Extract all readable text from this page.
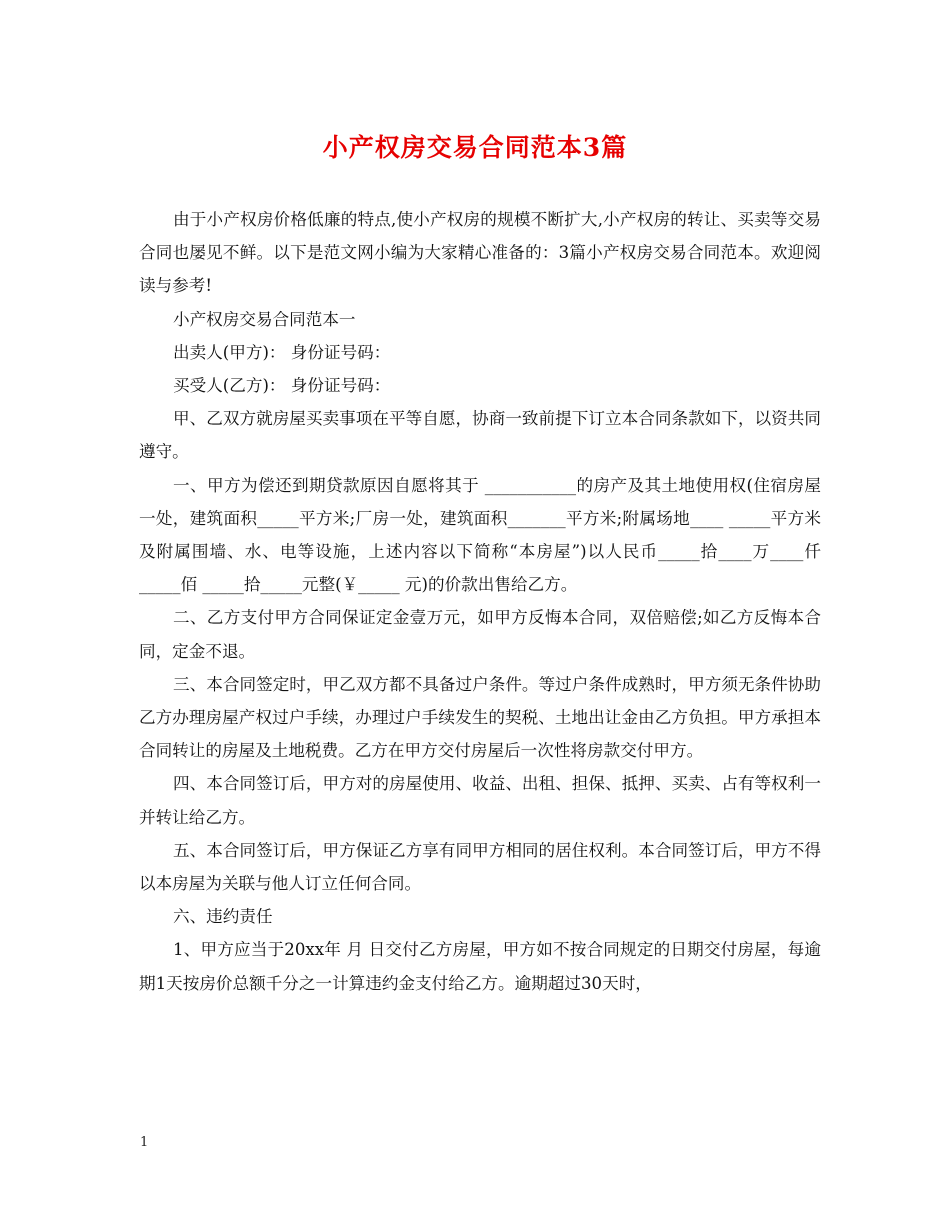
小产权房交易合同范本3篇

由于小产权房价格低廉的特点,使小产权房的规模不断扩大,小产权房的转让、买卖等交易合同也屡见不鲜。以下是范文网小编为大家精心准备的：3篇小产权房交易合同范本。欢迎阅读与参考!

小产权房交易合同范本一

出卖人(甲方)： 身份证号码：

买受人(乙方)： 身份证号码：

甲、乙双方就房屋买卖事项在平等自愿，协商一致前提下订立本合同条款如下，以资共同遵守。

一、甲方为偿还到期贷款原因自愿将其于 ___________的房产及其土地使用权(住宿房屋一处，建筑面积_____平方米;厂房一处，建筑面积_______平方米;附属场地____ _____平方米及附属围墙、水、电等设施，上述内容以下简称“本房屋”)以人民币_____拾____万____仟_____佰 _____拾_____元整(￥_____ 元)的价款出售给乙方。

二、乙方支付甲方合同保证定金壹万元，如甲方反悔本合同，双倍赔偿;如乙方反悔本合同，定金不退。

三、本合同签定时，甲乙双方都不具备过户条件。等过户条件成熟时，甲方须无条件协助乙方办理房屋产权过户手续，办理过户手续发生的契税、土地出让金由乙方负担。甲方承担本合同转让的房屋及土地税费。乙方在甲方交付房屋后一次性将房款交付甲方。

四、本合同签订后，甲方对的房屋使用、收益、出租、担保、抵押、买卖、占有等权利一并转让给乙方。

五、本合同签订后，甲方保证乙方享有同甲方相同的居住权利。本合同签订后，甲方不得以本房屋为关联与他人订立任何合同。

六、违约责任

1、甲方应当于20xx年 月 日交付乙方房屋，甲方如不按合同规定的日期交付房屋，每逾期1天按房价总额千分之一计算违约金支付给乙方。逾期超过30天时，

1
